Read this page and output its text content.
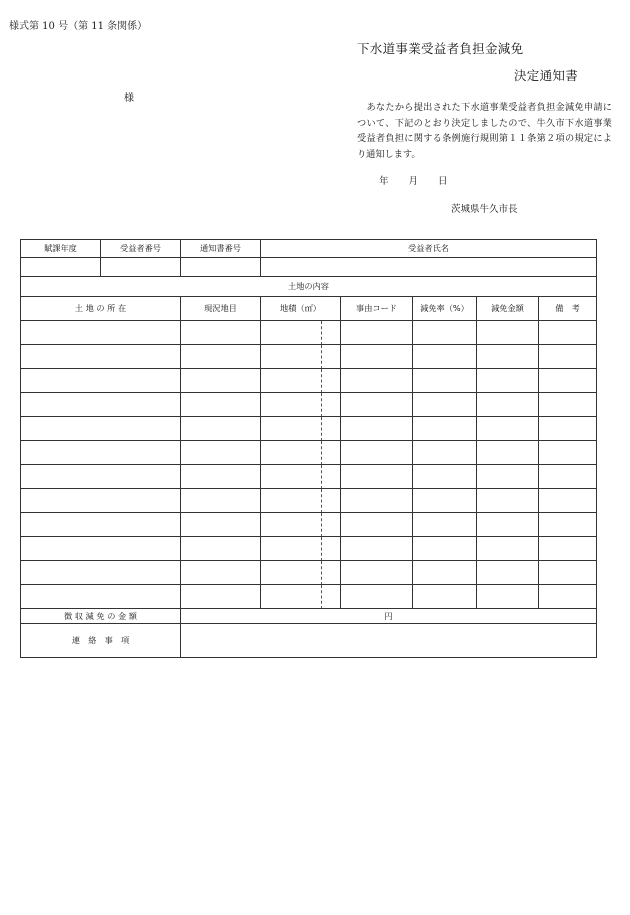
様式第 10 号（第 11 条関係）
下水道事業受益者負担金減免
決定通知書
様
　あなたから提出された下水道事業受益者負担金減免申請について、下記のとおり決定しましたので、牛久市下水道事業受益者負担に関する条例施行規則第１１条第２項の規定により通知します。
年 月 日
茨城県牛久市長
賦課年度	受益者番号	通知書番号	受益者氏名				

土地の内容							
土 地 の 所 在		現況地目	地積（㎡）	事由コード	減免率（%）	減免金額	備　考

徴 収 減 免 の 金 額		円					
連　絡　事　項							
